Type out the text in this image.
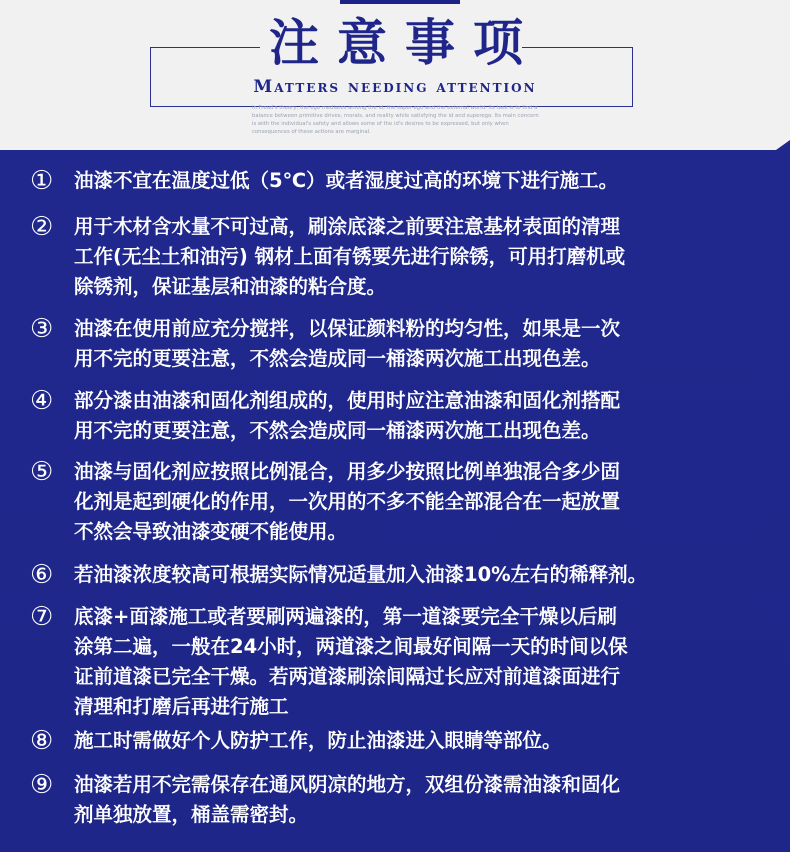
注意事项
Matters needing attention
In Freud's theory, the ego mediates among the id, the super-ego and the external world. Its task is to find a balance between primitive drives, morals, and reality while satisfying the id and superego. Its main concern is with the individual's safety and allows some of the id's desires to be expressed, but only when consequences of these actions are marginal.
①	油漆不宜在温度过低（5℃）或者湿度过高的环境下进行施工。
②	用于木材含水量不可过高，刷涂底漆之前要注意基材表面的清理
工作(无尘土和油污) 钢材上面有锈要先进行除锈，可用打磨机或
除锈剂，保证基层和油漆的粘合度。
③	油漆在使用前应充分搅拌，以保证颜料粉的均匀性，如果是一次
用不完的更要注意，不然会造成同一桶漆两次施工出现色差。
④	部分漆由油漆和固化剂组成的，使用时应注意油漆和固化剂搭配
用不完的更要注意，不然会造成同一桶漆两次施工出现色差。
⑤	油漆与固化剂应按照比例混合，用多少按照比例单独混合多少固
化剂是起到硬化的作用，一次用的不多不能全部混合在一起放置
不然会导致油漆变硬不能使用。
⑥	若油漆浓度较高可根据实际情况适量加入油漆10%左右的稀释剂。
⑦	底漆+面漆施工或者要刷两遍漆的，第一道漆要完全干燥以后刷
涂第二遍，一般在24小时，两道漆之间最好间隔一天的时间以保
证前道漆已完全干燥。若两道漆刷涂间隔过长应对前道漆面进行
清理和打磨后再进行施工
⑧	施工时需做好个人防护工作，防止油漆进入眼睛等部位。
⑨	油漆若用不完需保存在通风阴凉的地方，双组份漆需油漆和固化
剂单独放置，桶盖需密封。
